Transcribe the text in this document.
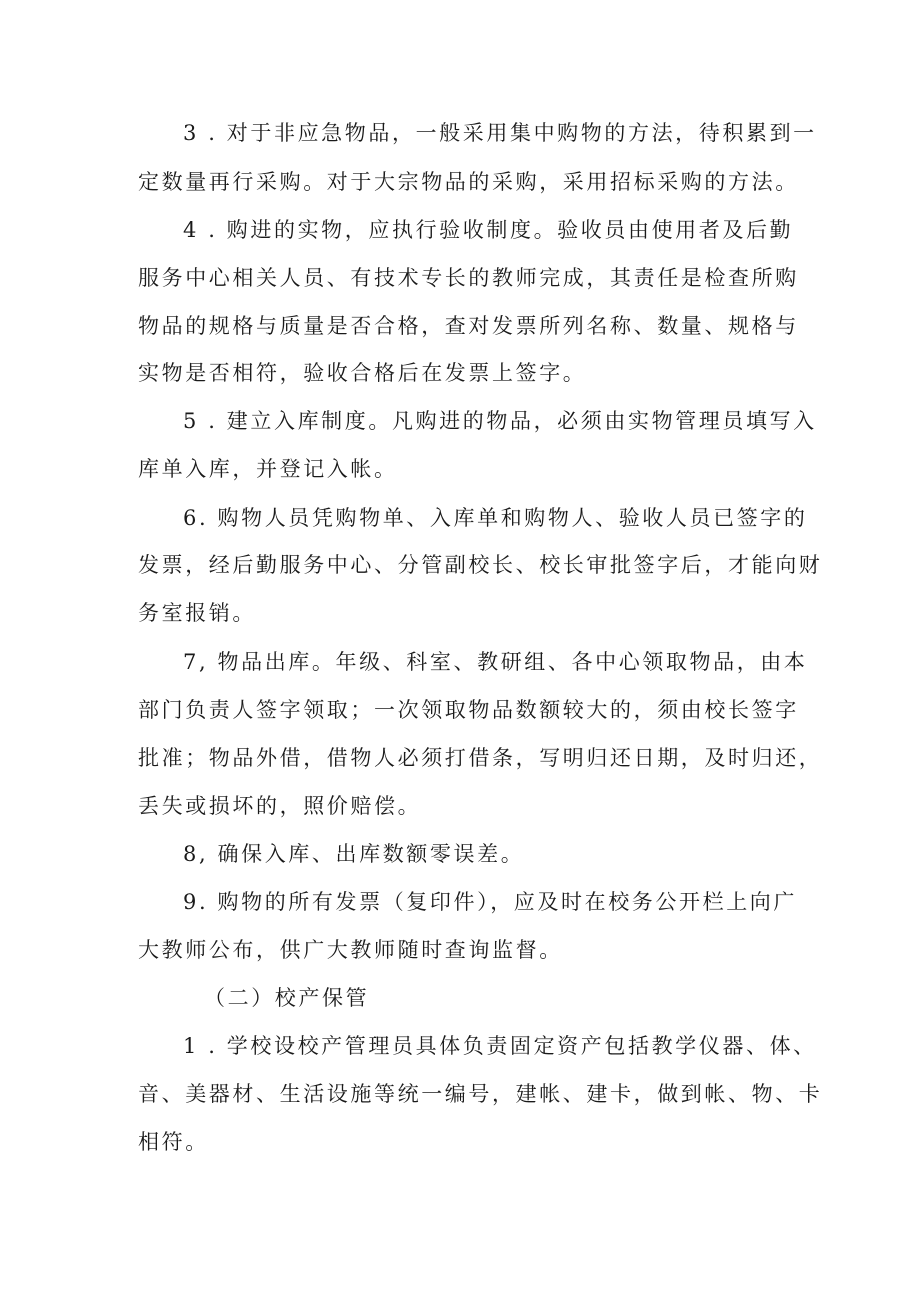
3 . 对于非应急物品，一般采用集中购物的方法，待积累到一
定数量再行采购。对于大宗物品的采购，采用招标采购的方法。
4 . 购进的实物，应执行验收制度。验收员由使用者及后勤
服务中心相关人员、有技术专长的教师完成，其责任是检查所购
物品的规格与质量是否合格，查对发票所列名称、数量、规格与
实物是否相符，验收合格后在发票上签字。
5 . 建立入库制度。凡购进的物品，必须由实物管理员填写入
库单入库，并登记入帐。
6. 购物人员凭购物单、入库单和购物人、验收人员已签字的
发票，经后勤服务中心、分管副校长、校长审批签字后，才能向财
务室报销。
7, 物品出库。年级、科室、教研组、各中心领取物品，由本
部门负责人签字领取；一次领取物品数额较大的，须由校长签字
批准；物品外借，借物人必须打借条，写明归还日期，及时归还，
丢失或损坏的，照价赔偿。
8, 确保入库、出库数额零误差。
9. 购物的所有发票（复印件），应及时在校务公开栏上向广
大教师公布，供广大教师随时查询监督。
（二）校产保管
1 . 学校设校产管理员具体负责固定资产包括教学仪器、体、
音、美器材、生活设施等统一编号，建帐、建卡，做到帐、物、卡
相符。
